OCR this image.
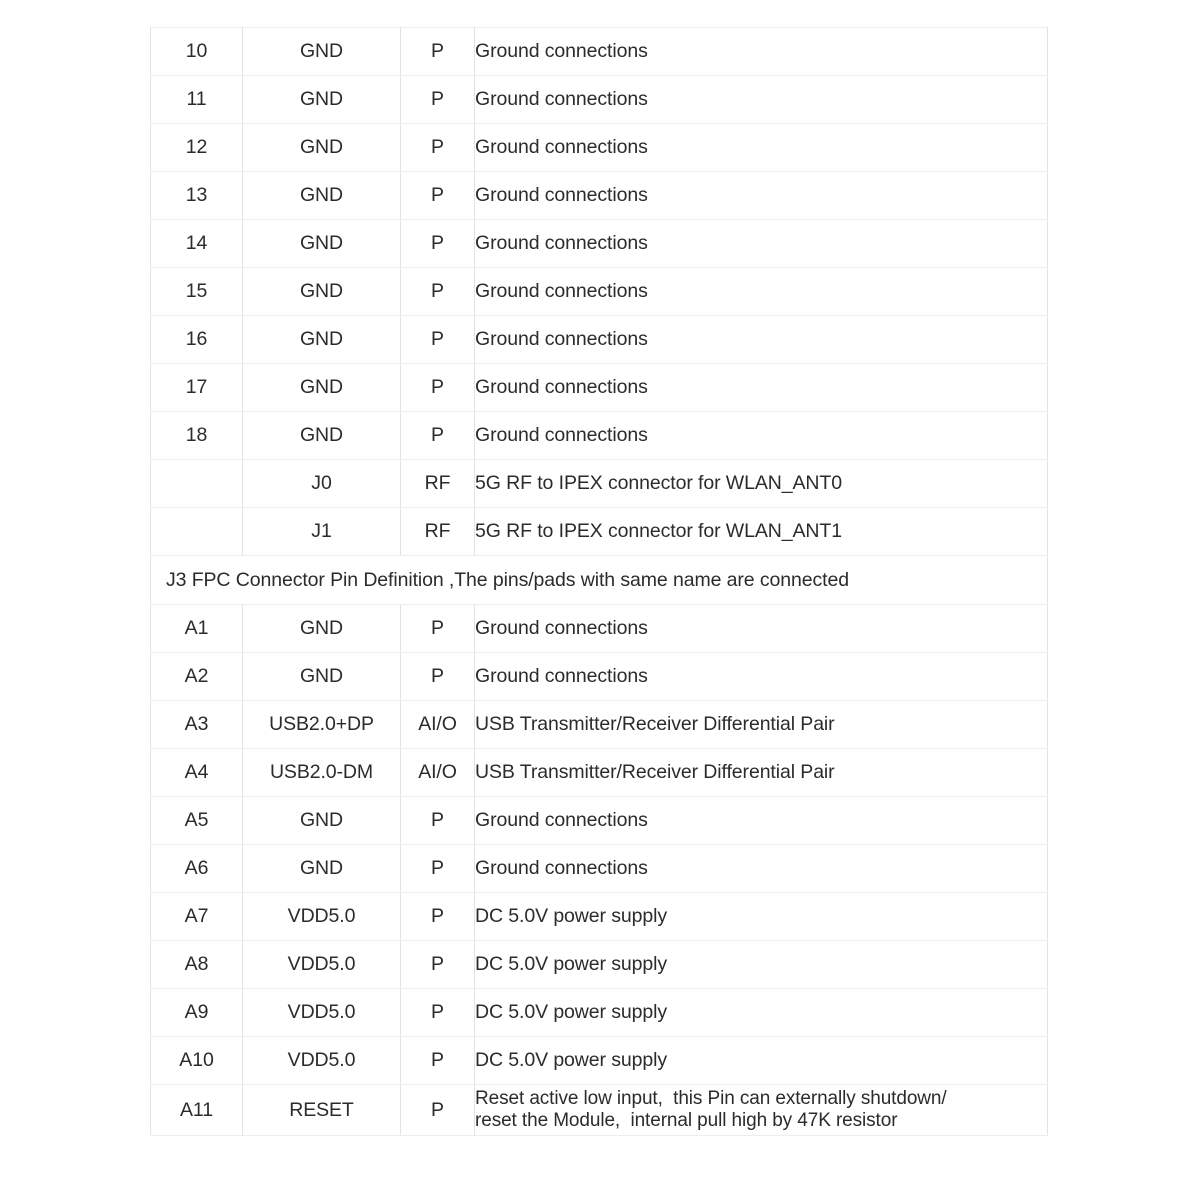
10	GND	P	Ground connections
11	GND	P	Ground connections
12	GND	P	Ground connections
13	GND	P	Ground connections
14	GND	P	Ground connections
15	GND	P	Ground connections
16	GND	P	Ground connections
17	GND	P	Ground connections
18	GND	P	Ground connections
	J0	RF	5G RF to IPEX connector for WLAN_ANT0
	J1	RF	5G RF to IPEX connector for WLAN_ANT1
J3 FPC Connector Pin Definition ,The pins/pads with same name are connected			
A1	GND	P	Ground connections
A2	GND	P	Ground connections
A3	USB2.0+DP	AI/O	USB Transmitter/Receiver Differential Pair
A4	USB2.0-DM	AI/O	USB Transmitter/Receiver Differential Pair
A5	GND	P	Ground connections
A6	GND	P	Ground connections
A7	VDD5.0	P	DC 5.0V power supply
A8	VDD5.0	P	DC 5.0V power supply
A9	VDD5.0	P	DC 5.0V power supply
A10	VDD5.0	P	DC 5.0V power supply
A11	RESET	P	Reset active low input,  this Pin can externally shutdown/
reset the Module,  internal pull high by 47K resistor
